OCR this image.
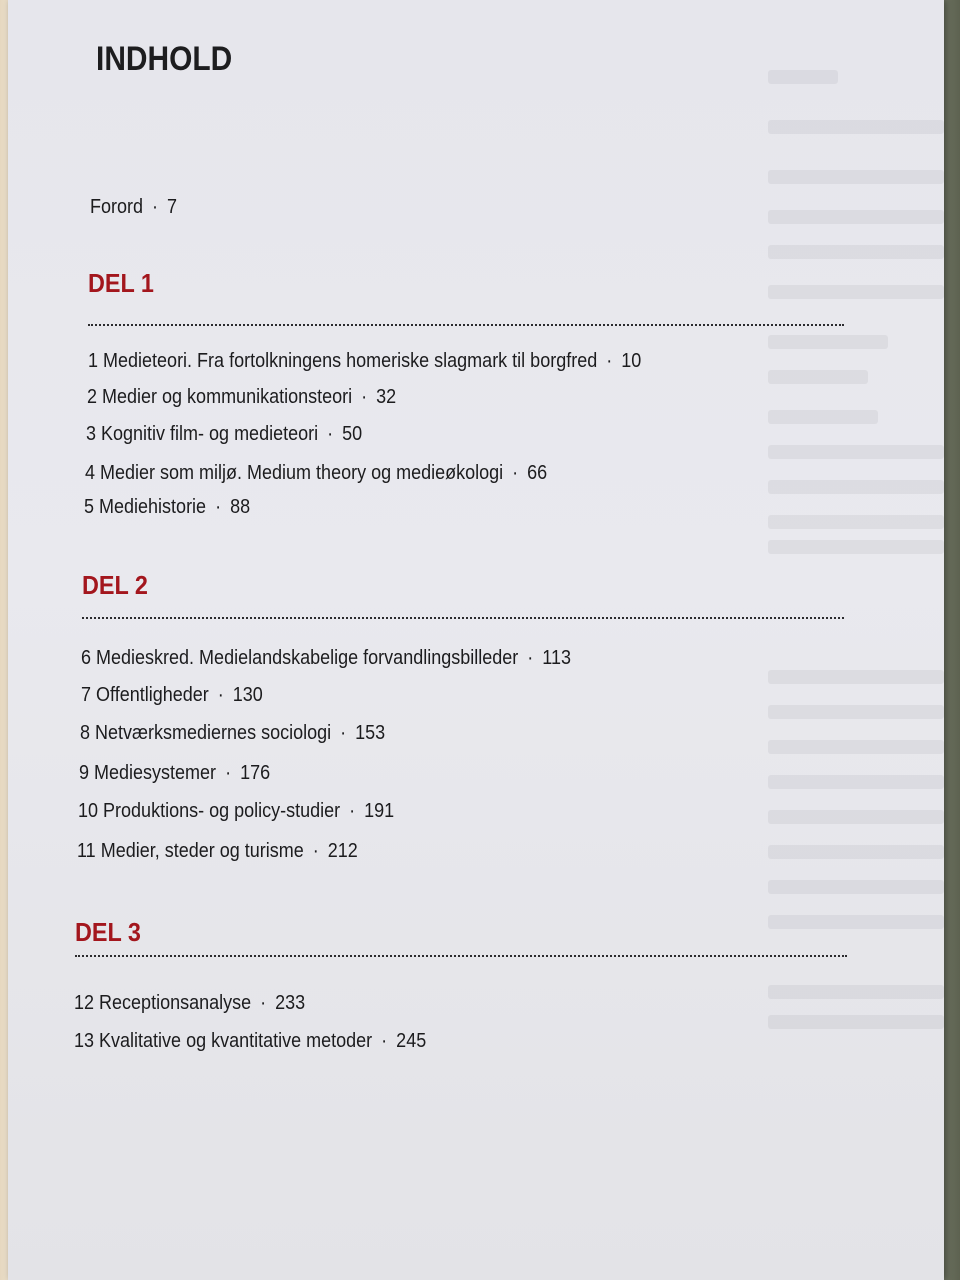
INDHOLD
Forord · 7
DEL 1
1 Medieteori. Fra fortolkningens homeriske slagmark til borgfred · 10
2 Medier og kommunikationsteori · 32
3 Kognitiv film- og medieteori · 50
4 Medier som miljø. Medium theory og medieøkologi · 66
5 Mediehistorie · 88
DEL 2
6 Medieskred. Medielandskabelige forvandlingsbilleder · 113
7 Offentligheder · 130
8 Netværksmediernes sociologi · 153
9 Mediesystemer · 176
10 Produktions- og policy-studier · 191
11 Medier, steder og turisme · 212
DEL 3
12 Receptionsanalyse · 233
13 Kvalitative og kvantitative metoder · 245
